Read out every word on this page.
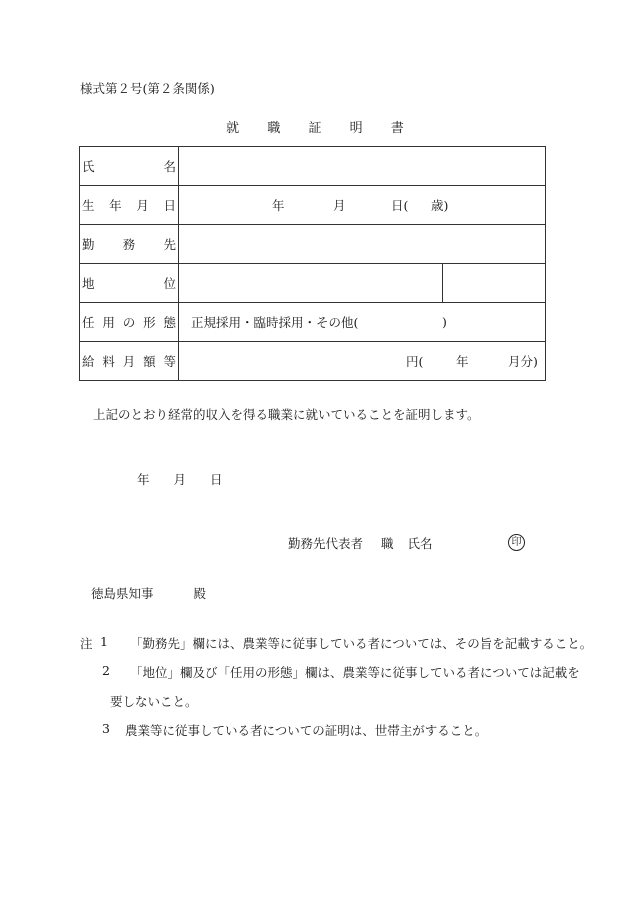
様式第２号(第２条関係)
就 職 証 明 書
氏 名	

生 年 月 日	年 月 日( 歳)

勤 務 先	

地 位	

任 用 の 形 態	正規採用・臨時採用・その他( )

給 料 月 額 等	円( 年 月分)
上記のとおり経常的収入を得る職業に就いていることを証明します。
年 月 日
勤務先代表者 職 氏名	印
徳島県知事	殿
注 1 「勤務先」欄には、農業等に従事している者については、その旨を記載すること。
2 「地位」欄及び「任用の形態」欄は、農業等に従事している者については記載を
要しないこと。
3 農業等に従事している者についての証明は、世帯主がすること。
